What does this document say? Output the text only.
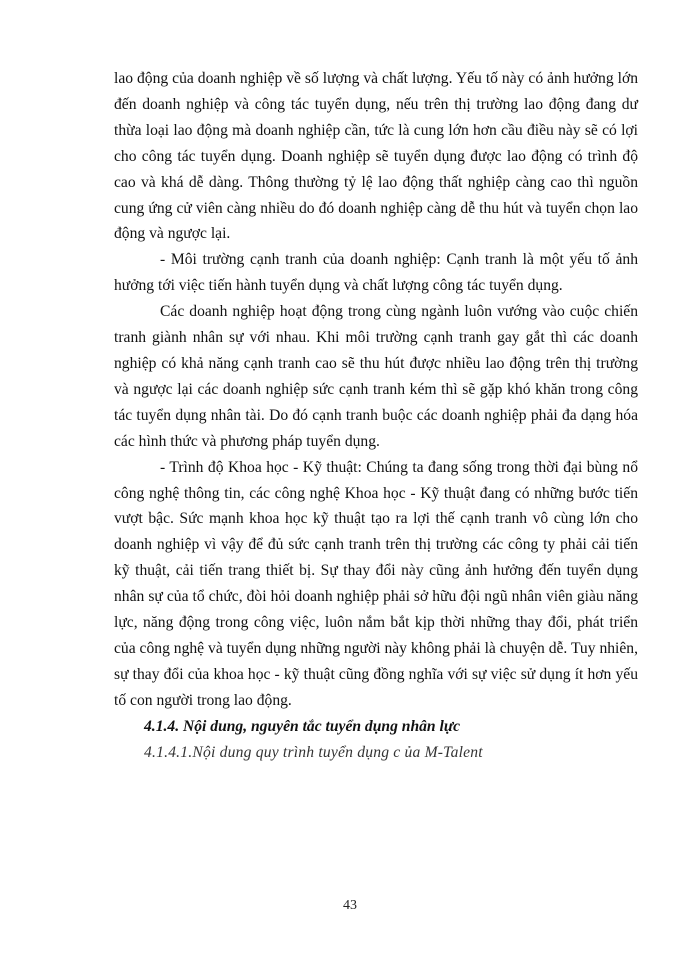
lao động của doanh nghiệp về số lượng và chất lượng. Yếu tố này có ảnh hưởng lớn đến doanh nghiệp và công tác tuyển dụng, nếu trên thị trường lao động đang dư thừa loại lao động mà doanh nghiệp cần, tức là cung lớn hơn cầu điều này sẽ có lợi cho công tác tuyển dụng. Doanh nghiệp sẽ tuyển dụng được lao động có trình độ cao và khá dễ dàng. Thông thường tỷ lệ lao động thất nghiệp càng cao thì nguồn cung ứng cử viên càng nhiều do đó doanh nghiệp càng dễ thu hút và tuyển chọn lao động và ngược lại.

- Môi trường cạnh tranh của doanh nghiệp: Cạnh tranh là một yếu tố ảnh hưởng tới việc tiến hành tuyển dụng và chất lượng công tác tuyển dụng.

Các doanh nghiệp hoạt động trong cùng ngành luôn vướng vào cuộc chiến tranh giành nhân sự với nhau. Khi môi trường cạnh tranh gay gắt thì các doanh nghiệp có khả năng cạnh tranh cao sẽ thu hút được nhiều lao động trên thị trường và ngược lại các doanh nghiệp sức cạnh tranh kém thì sẽ gặp khó khăn trong công tác tuyển dụng nhân tài. Do đó cạnh tranh buộc các doanh nghiệp phải đa dạng hóa các hình thức và phương pháp tuyển dụng.

- Trình độ Khoa học - Kỹ thuật: Chúng ta đang sống trong thời đại bùng nổ công nghệ thông tin, các công nghệ Khoa học - Kỹ thuật đang có những bước tiến vượt bậc. Sức mạnh khoa học kỹ thuật tạo ra lợi thế cạnh tranh vô cùng lớn cho doanh nghiệp vì vậy để đủ sức cạnh tranh trên thị trường các công ty phải cải tiến kỹ thuật, cải tiến trang thiết bị. Sự thay đổi này cũng ảnh hưởng đến tuyển dụng nhân sự của tổ chức, đòi hỏi doanh nghiệp phải sở hữu đội ngũ nhân viên giàu năng lực, năng động trong công việc, luôn nắm bắt kịp thời những thay đổi, phát triển của công nghệ và tuyển dụng những người này không phải là chuyện dễ. Tuy nhiên, sự thay đổi của khoa học - kỹ thuật cũng đồng nghĩa với sự việc sử dụng ít hơn yếu tố con người trong lao động.

4.1.4. Nội dung, nguyên tắc tuyển dụng nhân lực

4.1.4.1.Nội dung quy trình tuyển dụng c ủa M-Talent

43
